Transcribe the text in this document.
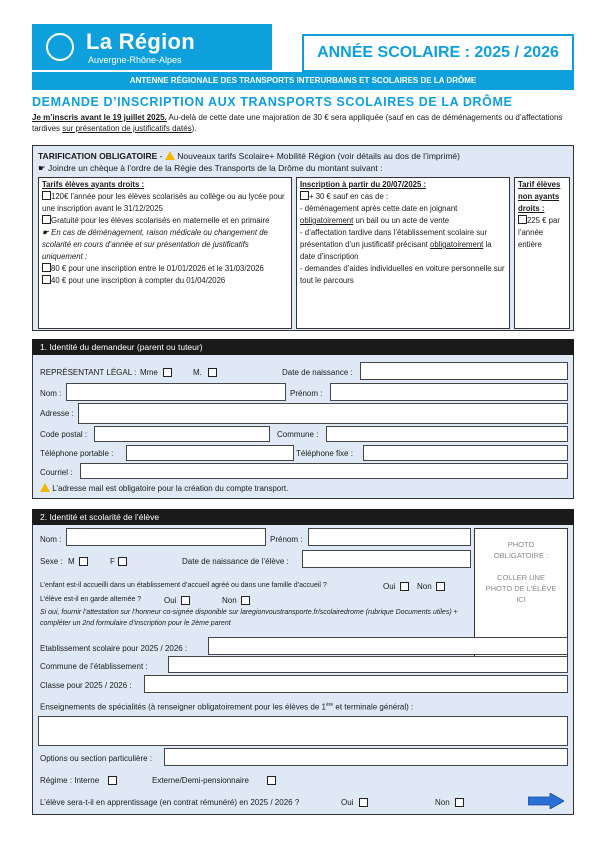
La Région
Auvergne-Rhône-Alpes	ANNÉE SCOLAIRE : 2025 / 2026
ANTENNE RÉGIONALE DES TRANSPORTS INTERURBAINS ET SCOLAIRES DE LA DRÔME
DEMANDE D’INSCRIPTION AUX TRANSPORTS SCOLAIRES DE LA DRÔME
Je m’inscris avant le 19 juillet 2025. Au-delà de cette date une majoration de 30 € sera appliquée (sauf en cas de déménagements ou d’affectations tardives sur présentation de justificatifs datés).
TARIFICATION OBLIGATOIRE -  Nouveaux tarifs Scolaire+ Mobilité Région (voir détails au dos de l’imprimé)
☛ Joindre un chèque à l’ordre de la Régie des Transports de la Drôme du montant suivant :
Tarifs élèves ayants droits :
120€ l’année pour les élèves scolarisés au collège ou au lycée pour une inscription avant le 31/12/2025
Gratuité pour les élèves scolarisés en maternelle et en primaire
☛ En cas de déménagement, raison médicale ou changement de scolarité en cours d’année et sur présentation de justificatifs uniquement :
80 € pour une inscription entre le 01/01/2026 et le 31/03/2026
40 € pour une inscription à compter du 01/04/2026
Inscription à partir du 20/07/2025 :
+ 30 € sauf en cas de :
- déménagement après cette date en joignant obligatoirement un bail ou un acte de vente
- d’affectation tardive dans l’établissement scolaire sur présentation d’un justificatif précisant obligatoirement la date d’inscription
- demandes d’aides individuelles en voiture personnelle sur tout le parcours
Tarif élèves non ayants droits :
225 € par l’année entière
1. Identité du demandeur (parent ou tuteur)
REPRÉSENTANT LÉGAL : Mme	M.	Date de naissance :
Nom :	Prénom :
Adresse :
Code postal :	Commune :
Téléphone portable :	Téléphone fixe :
Courriel :
L’adresse mail est obligatoire pour la création du compte transport.
2. Identité et scolarité de l’élève
Nom :	Prénom :
Sexe : M	F	Date de naissance de l’élève :
PHOTO
OBLIGATOIRE :
COLLER UNE
PHOTO DE L’ÉLÈVE
ICI
L’enfant est-il accueilli dans un établissement d’accueil agréé ou dans une famille d’accueil ?	Oui	Non
L’élève est-il en garde alternée ?	Oui	Non
Si oui, fournir l’attestation sur l’honneur co-signée disponible sur laregionvoustransporte.fr/scolairedrome (rubrique Documents utiles) + compléter un 2nd formulaire d’inscription pour le 2ème parent
Etablissement scolaire pour 2025 / 2026 :
Commune de l’établissement :
Classe pour 2025 / 2026 :
Enseignements de spécialités (à renseigner obligatoirement pour les élèves de 1ère et terminale général) :
Options ou section particulière :
Régime : Interne	Externe/Demi-pensionnaire
L’élève sera-t-il en apprentissage (en contrat rémunéré) en 2025 / 2026 ?	Oui	Non
